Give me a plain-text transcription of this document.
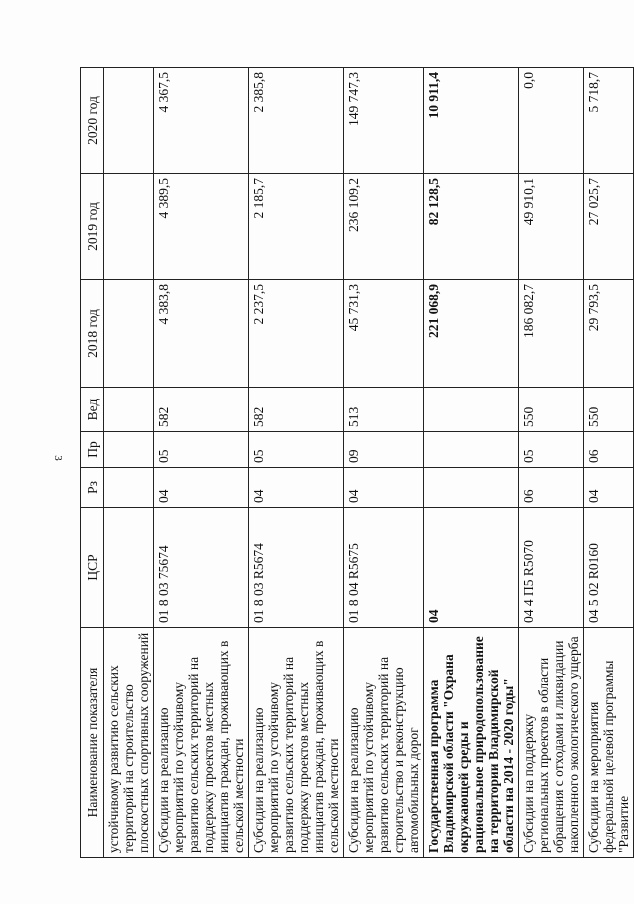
3
Наименование показателя	ЦСР	Рз	Пр	Вед	2018 год	2019 год	2020 год
устойчивому развитию сельских территорий на строительство плоскостных спортивных сооружений							
Субсидии на реализацию мероприятий по устойчивому развитию сельских территорий на поддержку проектов местных инициатив граждан, проживающих в сельской местности	01 8 03 75674	04	05	582	4 383,8	4 389,5	4 367,5
Субсидии на реализацию мероприятий по устойчивому развитию сельских территорий на поддержку проектов местных инициатив граждан, проживающих в сельской местности	01 8 03 R5674	04	05	582	2 237,5	2 185,7	2 385,8
Субсидии на реализацию мероприятий по устойчивому развитию сельских территорий на строительство и реконструкцию автомобильных дорог	01 8 04 R5675	04	09	513	45 731,3	236 109,2	149 747,3
Государственная программа Владимирской области "Охрана окружающей среды и рациональное природопользование на территории Владимирской области на 2014 - 2020 годы"	04				221 068,9	82 128,5	10 911,4
Субсидии на поддержку региональных проектов в области обращения с отходами и ликвидации накопленного экологического ущерба	04 4 П5 R5070	06	05	550	186 082,7	49 910,1	0,0
Субсидии на мероприятия федеральной целевой программы "Развитие	04 5 02 R0160	04	06	550	29 793,5	27 025,7	5 718,7
